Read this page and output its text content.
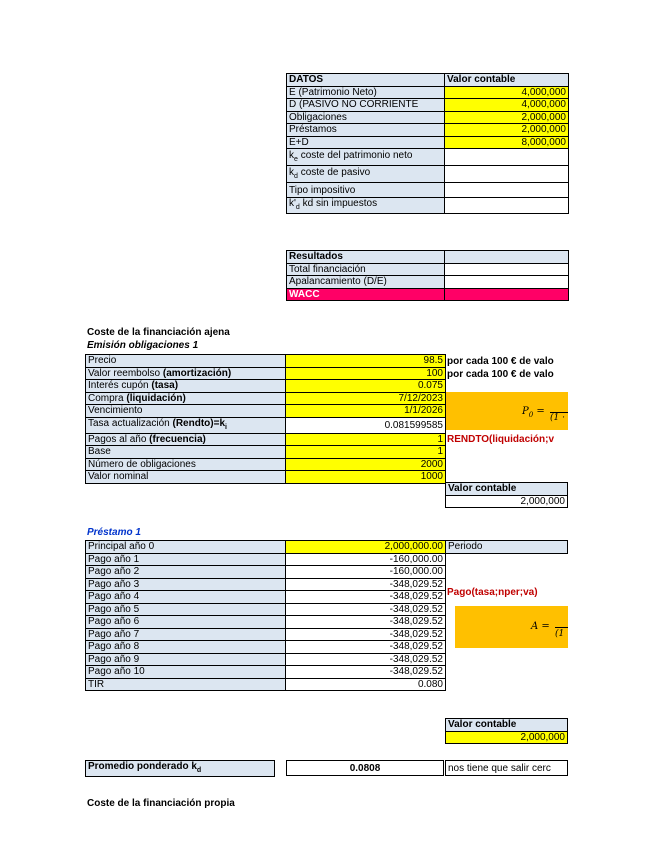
DATOS	Valor contable
E (Patrimonio Neto)	4,000,000
D (PASIVO NO CORRIENTE	4,000,000
Obligaciones	2,000,000
Préstamos	2,000,000
E+D	8,000,000
$k_e$ coste del patrimonio neto	
$k_d$ coste de pasivo	
Tipo impositivo	
$k'_d$ kd sin impuestos	
Resultados	
Total financiación	
Apalancamiento (D/E)	
WACC	
Coste de la financiación ajena
Emisión obligaciones 1
Precio	98.5
Valor reembolso (amortización)	100
Interés cupón (tasa)	0.075
Compra (liquidación)	7/12/2023
Vencimiento	1/1/2026
Tasa actualización $(Rendto)=k_i$	0.081599585
Pagos al año (frecuencia)	1
Base	1
Número de obligaciones	2000
Valor nominal	1000
por cada 100 € de valo
por cada 100 € de valo
$P_0$ =
(1 ·
RENDTO(liquidación;v
Valor contable
2,000,000
Préstamo 1
Principal año 0	2,000,000.00
Pago año 1	-160,000.00
Pago año 2	-160,000.00
Pago año 3	-348,029.52
Pago año 4	-348,029.52
Pago año 5	-348,029.52
Pago año 6	-348,029.52
Pago año 7	-348,029.52
Pago año 8	-348,029.52
Pago año 9	-348,029.52
Pago año 10	-348,029.52
TIR	0.080
Periodo
Pago(tasa;nper;va)
A =
(1
Valor contable
2,000,000
Promedio ponderado $k_d$	0.0808	nos tiene que salir cerc
Coste de la financiación propia
